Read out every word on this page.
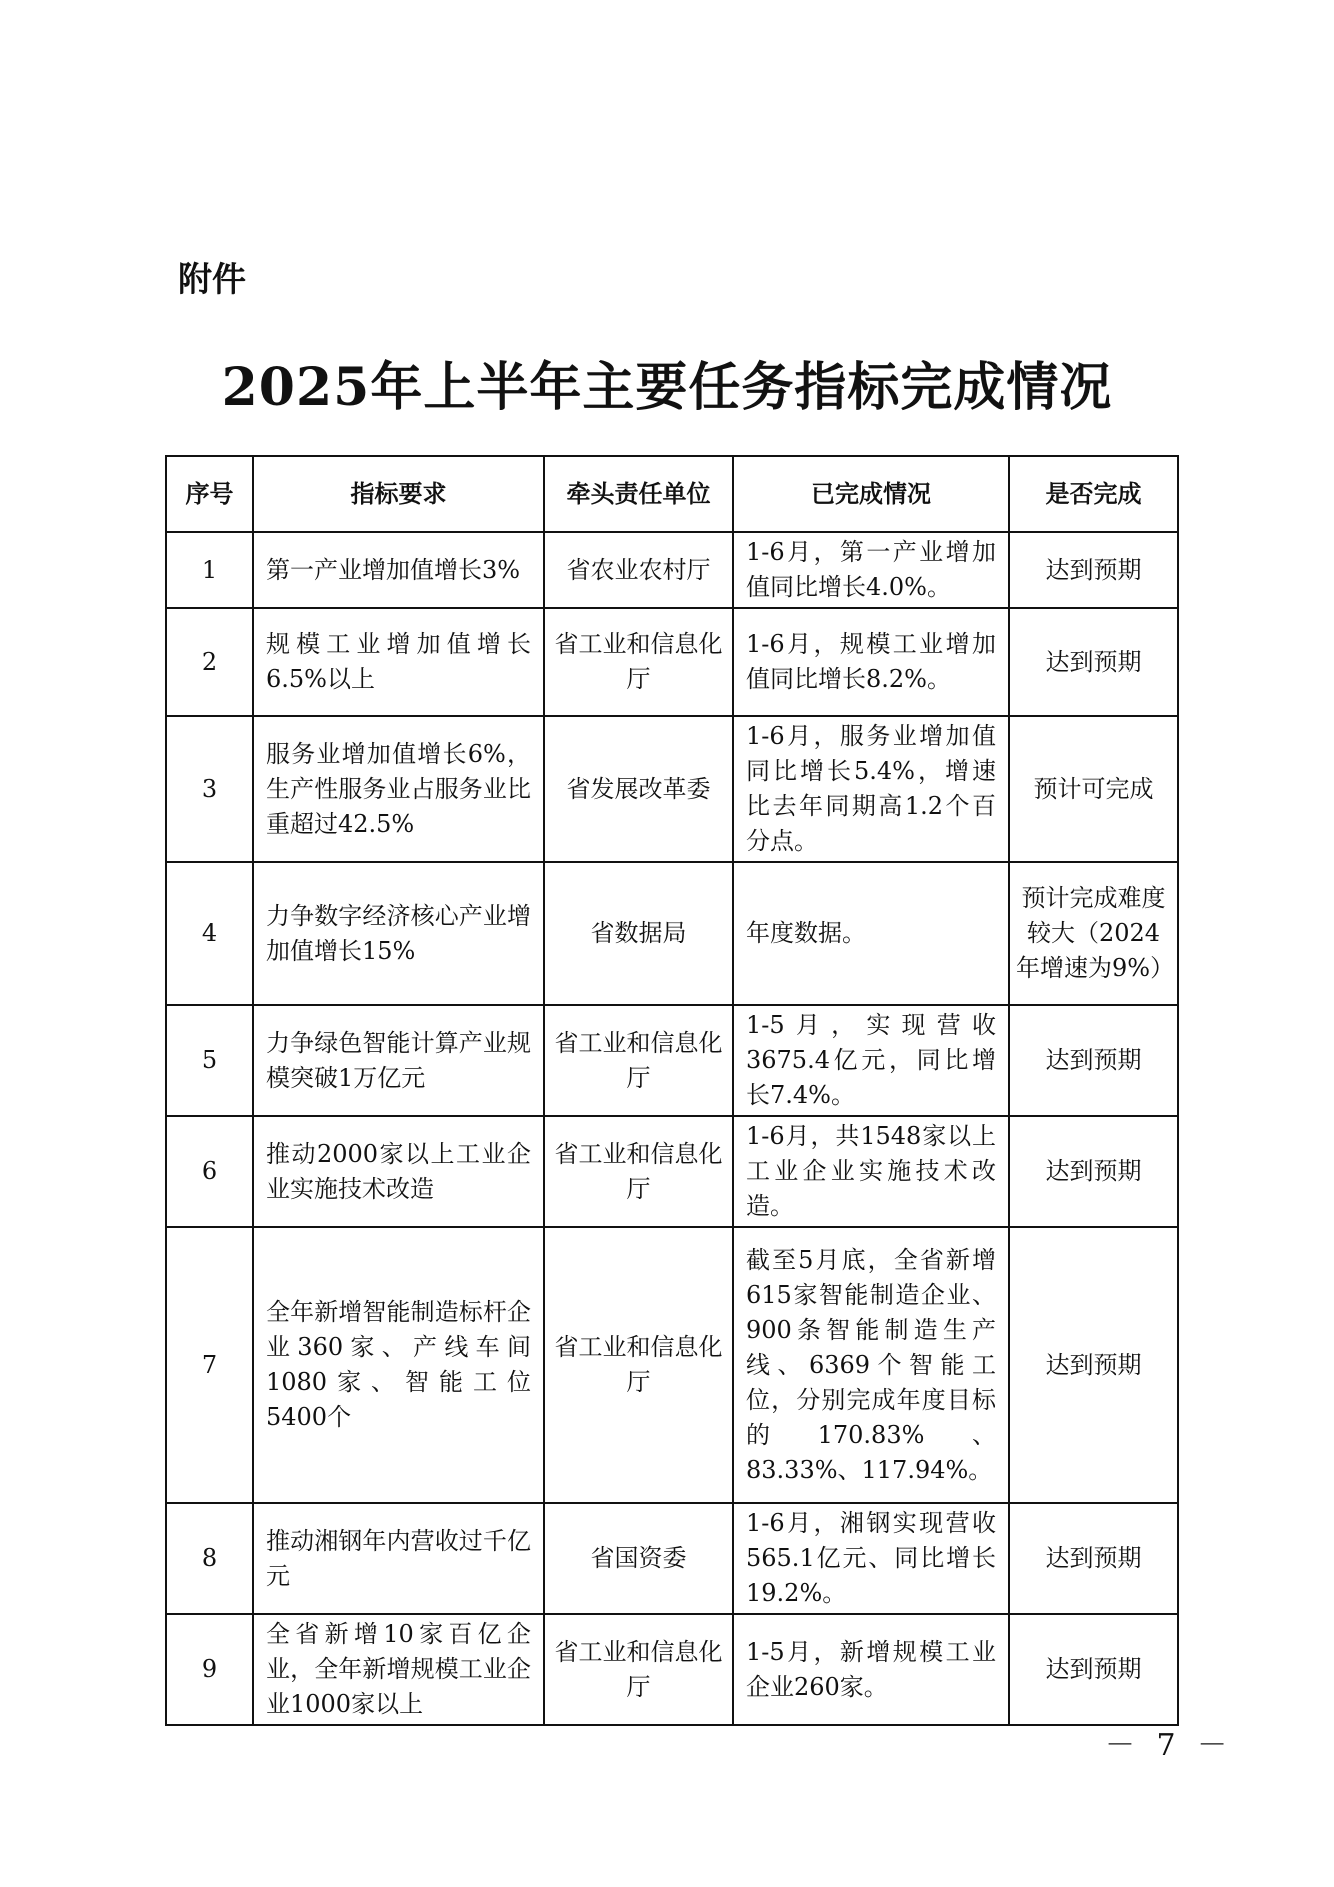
附件
2025年上半年主要任务指标完成情况
序号	指标要求	牵头责任单位	已完成情况	是否完成
1	第一产业增加值增长3%	省农业农村厅	1-6月，第一产业增加值同比增长4.0%。	达到预期
2	规模工业增加值增长6.5%以上	省工业和信息化厅	1-6月，规模工业增加值同比增长8.2%。	达到预期
3	服务业增加值增长6%，生产性服务业占服务业比重超过42.5%	省发展改革委	1-6月，服务业增加值同比增长5.4%，增速比去年同期高1.2个百分点。	预计可完成
4	力争数字经济核心产业增加值增长15%	省数据局	年度数据。	预计完成难度较大（2024年增速为9%）
5	力争绿色智能计算产业规模突破1万亿元	省工业和信息化厅	1-5月，实现营收3675.4亿元，同比增长7.4%。	达到预期
6	推动2000家以上工业企业实施技术改造	省工业和信息化厅	1-6月，共1548家以上工业企业实施技术改造。	达到预期
7	全年新增智能制造标杆企业360家、产线车间1080家、智能工位5400个	省工业和信息化厅	截至5月底，全省新增615家智能制造企业、900条智能制造生产线、6369个智能工位，分别完成年度目标的170.83%、83.33%、117.94%。	达到预期
8	推动湘钢年内营收过千亿元	省国资委	1-6月，湘钢实现营收565.1亿元、同比增长19.2%。	达到预期
9	全省新增10家百亿企业，全年新增规模工业企业1000家以上	省工业和信息化厅	1-5月，新增规模工业企业260家。	达到预期
－ 7 －
